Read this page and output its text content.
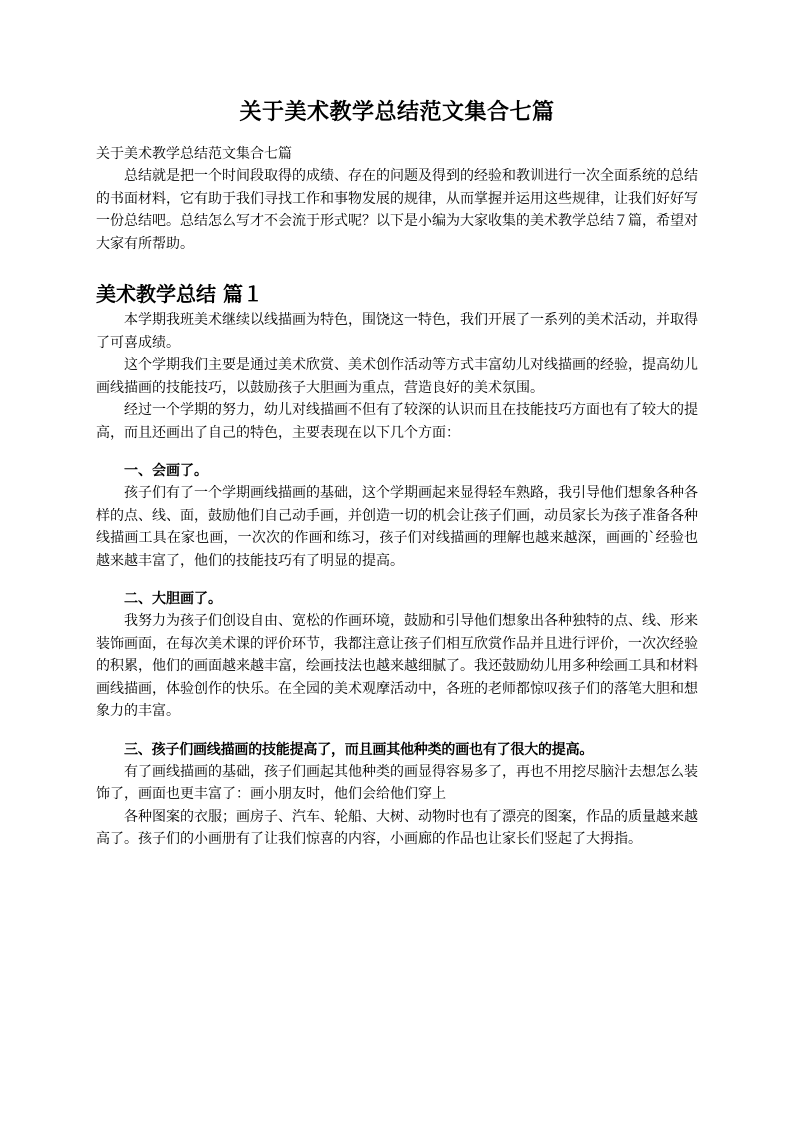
关于美术教学总结范文集合七篇
关于美术教学总结范文集合七篇

总结就是把一个时间段取得的成绩、存在的问题及得到的经验和教训进行一次全面系统的总结的书面材料，它有助于我们寻找工作和事物发展的规律，从而掌握并运用这些规律，让我们好好写一份总结吧。总结怎么写才不会流于形式呢？以下是小编为大家收集的美术教学总结７篇，希望对大家有所帮助。

美术教学总结 篇１

本学期我班美术继续以线描画为特色，围饶这一特色，我们开展了一系列的美术活动，并取得了可喜成绩。

这个学期我们主要是通过美术欣赏、美术创作活动等方式丰富幼儿对线描画的经验，提高幼儿画线描画的技能技巧，以鼓励孩子大胆画为重点，营造良好的美术氛围。

经过一个学期的努力，幼儿对线描画不但有了较深的认识而且在技能技巧方面也有了较大的提高，而且还画出了自己的特色，主要表现在以下几个方面：

一、会画了。

孩子们有了一个学期画线描画的基础，这个学期画起来显得轻车熟路，我引导他们想象各种各样的点、线、面，鼓励他们自己动手画，并创造一切的机会让孩子们画，动员家长为孩子准备各种线描画工具在家也画，一次次的作画和练习，孩子们对线描画的理解也越来越深，画画的`经验也越来越丰富了，他们的技能技巧有了明显的提高。

二、大胆画了。

我努力为孩子们创设自由、宽松的作画环境，鼓励和引导他们想象出各种独特的点、线、形来装饰画面，在每次美术课的评价环节，我都注意让孩子们相互欣赏作品并且进行评价，一次次经验的积累，他们的画面越来越丰富，绘画技法也越来越细腻了。我还鼓励幼儿用多种绘画工具和材料画线描画，体验创作的快乐。在全园的美术观摩活动中，各班的老师都惊叹孩子们的落笔大胆和想象力的丰富。

三、孩子们画线描画的技能提高了，而且画其他种类的画也有了很大的提高。

有了画线描画的基础，孩子们画起其他种类的画显得容易多了，再也不用挖尽脑汁去想怎么装饰了，画面也更丰富了：画小朋友时，他们会给他们穿上

各种图案的衣服；画房子、汽车、轮船、大树、动物时也有了漂亮的图案，作品的质量越来越高了。孩子们的小画册有了让我们惊喜的内容，小画廊的作品也让家长们竖起了大拇指。
